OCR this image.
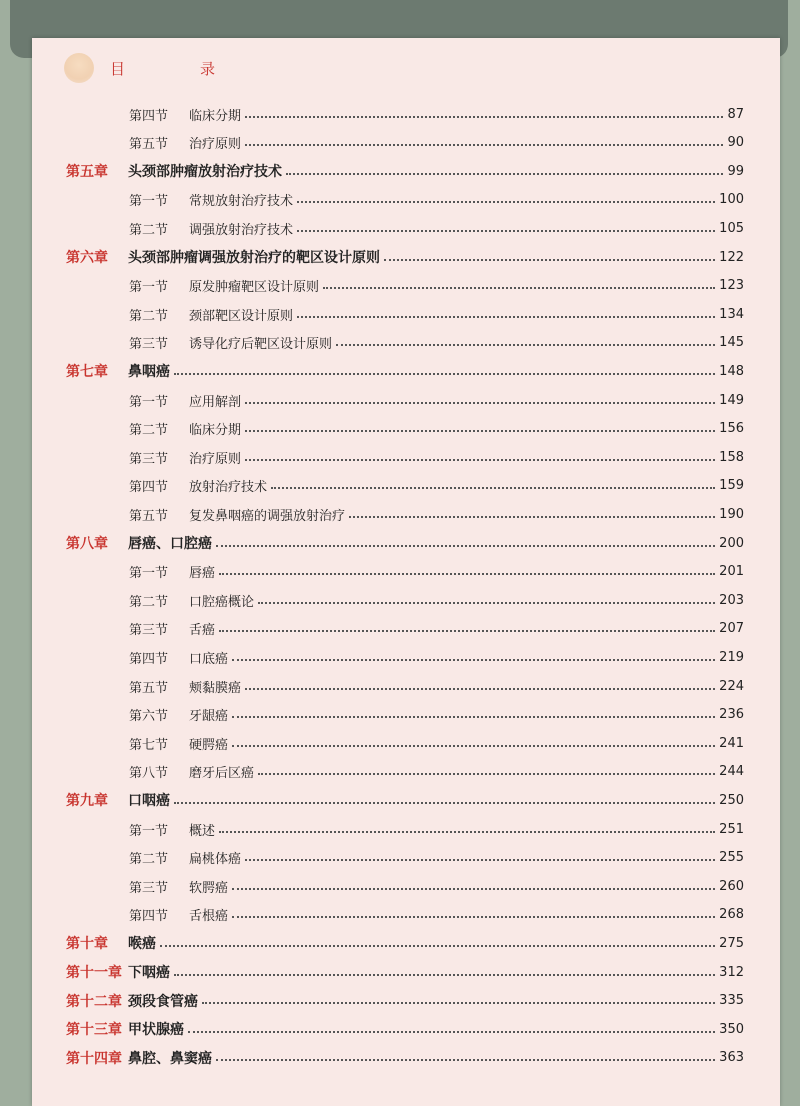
目　录
第四节 临床分期	87
第五节 治疗原则	90
第五章 头颈部肿瘤放射治疗技术	99
第一节 常规放射治疗技术	100
第二节 调强放射治疗技术	105
第六章 头颈部肿瘤调强放射治疗的靶区设计原则	122
第一节 原发肿瘤靶区设计原则	123
第二节 颈部靶区设计原则	134
第三节 诱导化疗后靶区设计原则	145
第七章 鼻咽癌	148
第一节 应用解剖	149
第二节 临床分期	156
第三节 治疗原则	158
第四节 放射治疗技术	159
第五节 复发鼻咽癌的调强放射治疗	190
第八章 唇癌、口腔癌	200
第一节 唇癌	201
第二节 口腔癌概论	203
第三节 舌癌	207
第四节 口底癌	219
第五节 颊黏膜癌	224
第六节 牙龈癌	236
第七节 硬腭癌	241
第八节 磨牙后区癌	244
第九章 口咽癌	250
第一节 概述	251
第二节 扁桃体癌	255
第三节 软腭癌	260
第四节 舌根癌	268
第十章 喉癌	275
第十一章 下咽癌	312
第十二章 颈段食管癌	335
第十三章 甲状腺癌	350
第十四章 鼻腔、鼻窦癌	363
